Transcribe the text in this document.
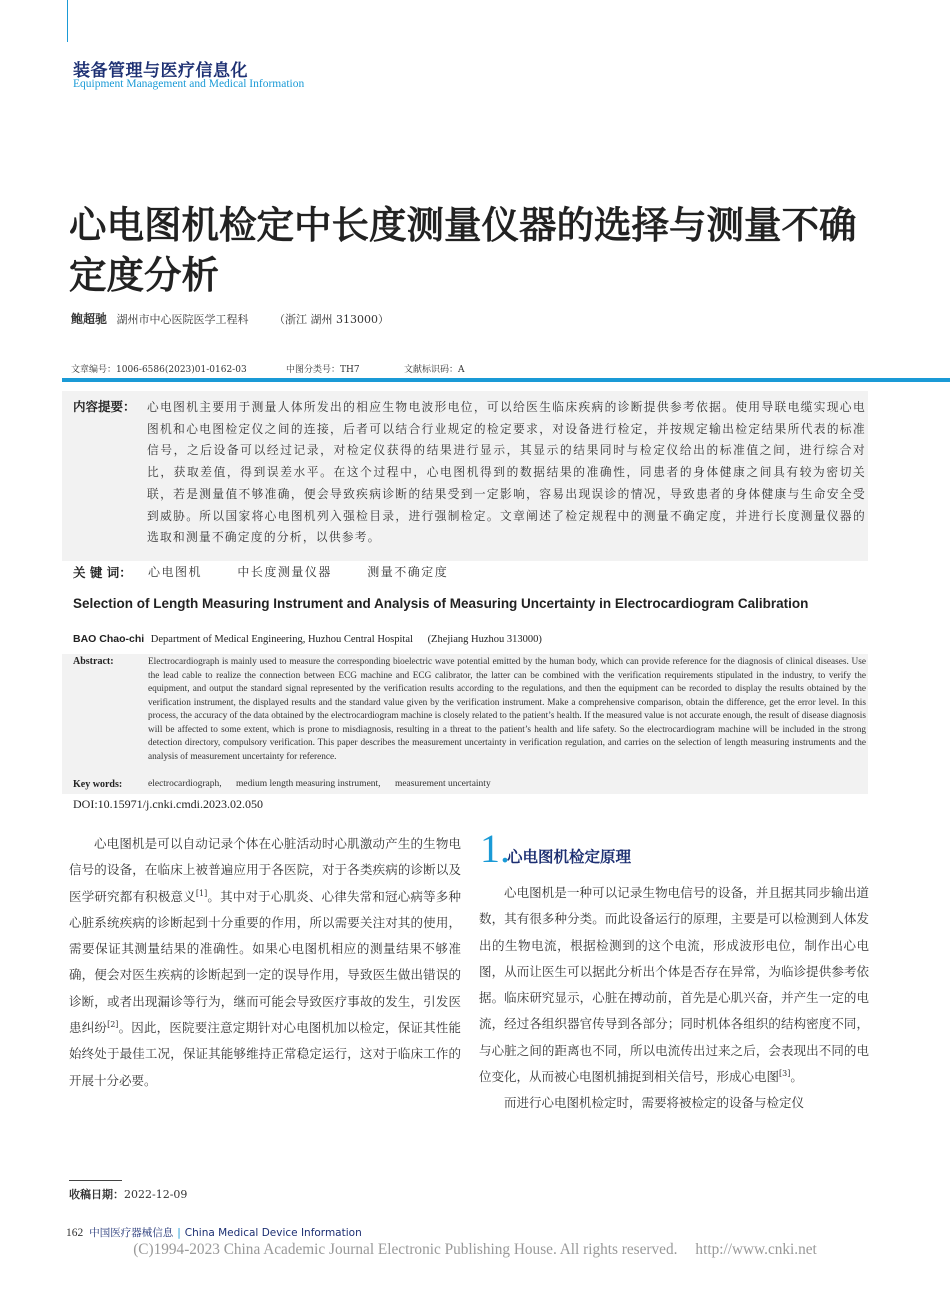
装备管理与医疗信息化
Equipment Management and Medical Information
心电图机检定中长度测量仪器的选择与测量不确定度分析
鲍超驰 湖州市中心医院医学工程科 （浙江 湖州 313000）
文章编号：1006-6586(2023)01-0162-03	中图分类号：TH7	文献标识码：A
内容提要： 心电图机主要用于测量人体所发出的相应生物电波形电位，可以给医生临床疾病的诊断提供参考依据。使用导联电缆实现心电图机和心电图检定仪之间的连接，后者可以结合行业规定的检定要求，对设备进行检定，并按规定输出检定结果所代表的标准信号，之后设备可以经过记录，对检定仪获得的结果进行显示，其显示的结果同时与检定仪给出的标准值之间，进行综合对比，获取差值，得到误差水平。在这个过程中，心电图机得到的数据结果的准确性，同患者的身体健康之间具有较为密切关联，若是测量值不够准确，便会导致疾病诊断的结果受到一定影响，容易出现误诊的情况，导致患者的身体健康与生命安全受到威胁。所以国家将心电图机列入强检目录，进行强制检定。文章阐述了检定规程中的测量不确定度，并进行长度测量仪器的选取和测量不确定度的分析，以供参考。
关 键 词： 心电图机	中长度测量仪器	测量不确定度
Selection of Length Measuring Instrument and Analysis of Measuring Uncertainty in Electrocardiogram Calibration
BAO Chao-chi Department of Medical Engineering, Huzhou Central Hospital (Zhejiang Huzhou 313000)
Abstract:	Electrocardiograph is mainly used to measure the corresponding bioelectric wave potential emitted by the human body, which can provide reference for the diagnosis of clinical diseases. Use the lead cable to realize the connection between ECG machine and ECG calibrator, the latter can be combined with the verification requirements stipulated in the industry, to verify the equipment, and output the standard signal represented by the verification results according to the regulations, and then the equipment can be recorded to display the results obtained by the verification instrument, the displayed results and the standard value given by the verification instrument. Make a comprehensive comparison, obtain the difference, get the error level. In this process, the accuracy of the data obtained by the electrocardiogram machine is closely related to the patient’s health. If the measured value is not accurate enough, the result of disease diagnosis will be affected to some extent, which is prone to misdiagnosis, resulting in a threat to the patient’s health and life safety. So the electrocardiogram machine will be included in the strong detection directory, compulsory verification. This paper describes the measurement uncertainty in verification regulation, and carries on the selection of length measuring instruments and the analysis of measurement uncertainty for reference.
Key words:	electrocardiograph, medium length measuring instrument, measurement uncertainty
DOI:10.15971/j.cnki.cmdi.2023.02.050

心电图机是可以自动记录个体在心脏活动时心肌激动产生的生物电信号的设备，在临床上被普遍应用于各医院，对于各类疾病的诊断以及医学研究都有积极意义[1]。其中对于心肌炎、心律失常和冠心病等多种心脏系统疾病的诊断起到十分重要的作用，所以需要关注对其的使用，需要保证其测量结果的准确性。如果心电图机相应的测量结果不够准确，便会对医生疾病的诊断起到一定的误导作用，导致医生做出错误的诊断，或者出现漏诊等行为，继而可能会导致医疗事故的发生，引发医患纠纷[2]。因此，医院要注意定期针对心电图机加以检定，保证其性能始终处于最佳工况，保证其能够维持正常稳定运行，这对于临床工作的开展十分必要。

1.
心电图机检定原理

心电图机是一种可以记录生物电信号的设备，并且据其同步输出道数，其有很多种分类。而此设备运行的原理，主要是可以检测到人体发出的生物电流，根据检测到的这个电流，形成波形电位，制作出心电图，从而让医生可以据此分析出个体是否存在异常，为临诊提供参考依据。临床研究显示，心脏在搏动前，首先是心肌兴奋，并产生一定的电流，经过各组织器官传导到各部分；同时机体各组织的结构密度不同，与心脏之间的距离也不同，所以电流传出过来之后，会表现出不同的电位变化，从而被心电图机捕捉到相关信号，形成心电图[3]。

而进行心电图机检定时，需要将被检定的设备与检定仪

收稿日期：2022-12-09
162 中国医疗器械信息 | China Medical Device Information
(C)1994-2023 China Academic Journal Electronic Publishing House. All rights reserved. http://www.cnki.net
